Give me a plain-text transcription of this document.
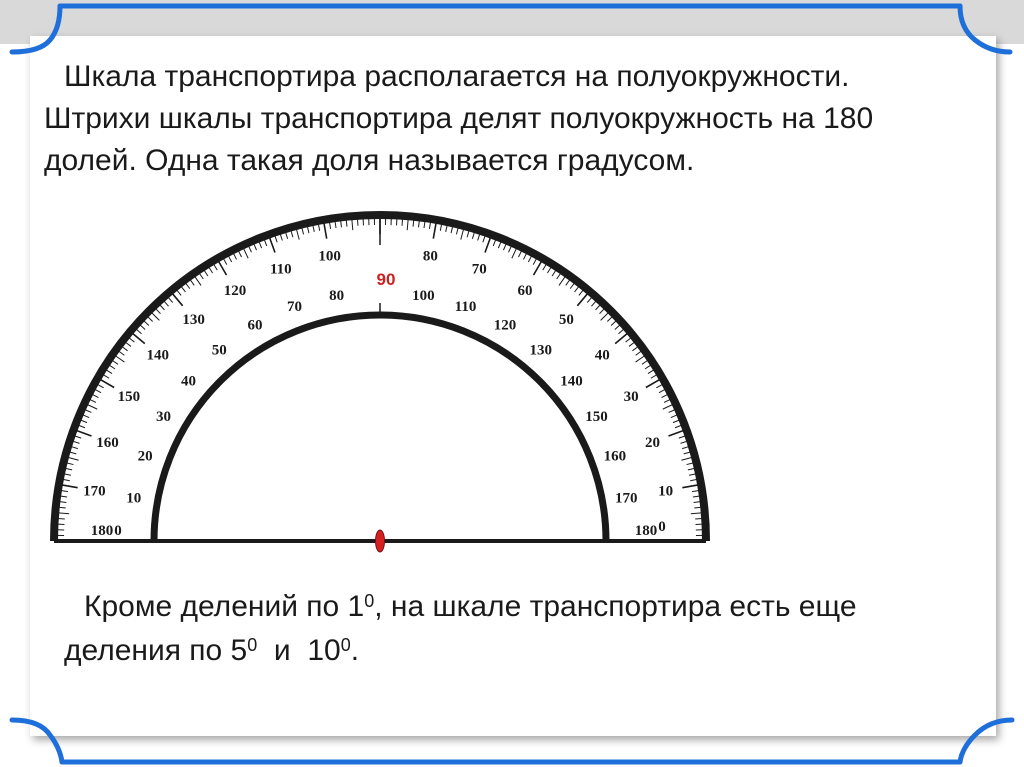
Шкала транспортира располагается на полуокружности.

Штрихи шкалы транспортира делят полуокружность на 180

долей. Одна такая доля называется градусом.

180
170
160
150
140
130
120
110
100
0
10
20
30
40
50
60
70
80
0
10
20
30
40
50
60
70
80	100
110
120
130
140
150
160
170
180
90

Кроме делений по $1^0$, на шкале транспортира есть еще

деления по $5^0$  и  $10^0$.
